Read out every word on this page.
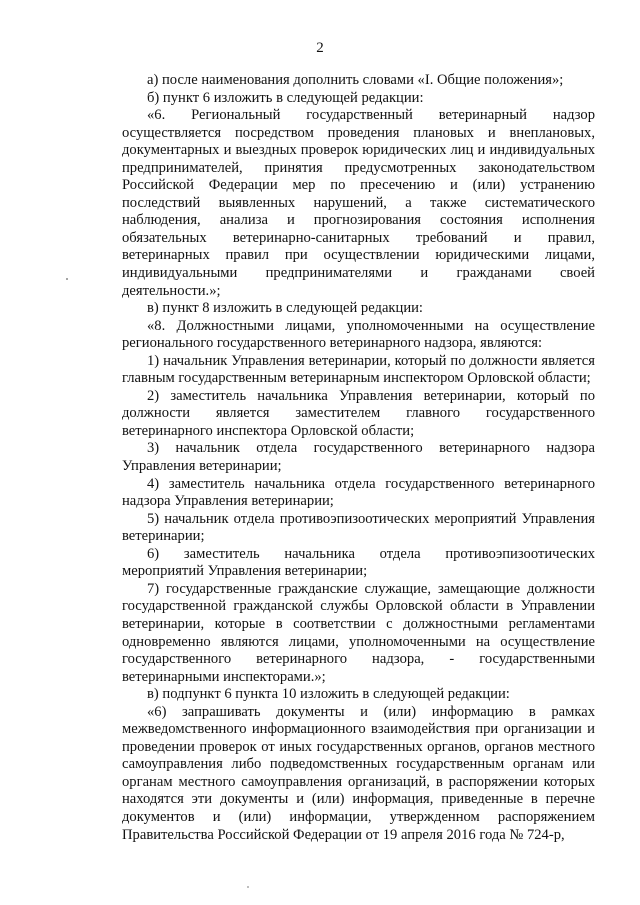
2

а) после наименования дополнить словами «I. Общие положения»;

б) пункт 6 изложить в следующей редакции:

«6. Региональный государственный ветеринарный надзор осуществляется посредством проведения плановых и внеплановых, документарных и выездных проверок юридических лиц и индивидуальных предпринимателей, принятия предусмотренных законодательством Российской Федерации мер по пресечению и (или) устранению последствий выявленных нарушений, а также систематического наблюдения, анализа и прогнозирования состояния исполнения обязательных ветеринарно-санитарных требований и правил, ветеринарных правил при осуществлении юридическими лицами, индивидуальными предпринимателями и гражданами своей деятельности.»;

в) пункт 8 изложить в следующей редакции:

«8. Должностными лицами, уполномоченными на осуществление регионального государственного ветеринарного надзора, являются:

1) начальник Управления ветеринарии, который по должности является главным государственным ветеринарным инспектором Орловской области;

2) заместитель начальника Управления ветеринарии, который по должности является заместителем главного государственного ветеринарного инспектора Орловской области;

3) начальник отдела государственного ветеринарного надзора Управления ветеринарии;

4) заместитель начальника отдела государственного ветеринарного надзора Управления ветеринарии;

5) начальник отдела противоэпизоотических мероприятий Управления ветеринарии;

6) заместитель начальника отдела противоэпизоотических мероприятий Управления ветеринарии;

7) государственные гражданские служащие, замещающие должности государственной гражданской службы Орловской области в Управлении ветеринарии, которые в соответствии с должностными регламентами одновременно являются лицами, уполномоченными на осуществление государственного ветеринарного надзора, - государственными ветеринарными инспекторами.»;

в) подпункт 6 пункта 10 изложить в следующей редакции:

«6) запрашивать документы и (или) информацию в рамках межведомственного информационного взаимодействия при организации и проведении проверок от иных государственных органов, органов местного самоуправления либо подведомственных государственным органам или органам местного самоуправления организаций, в распоряжении которых находятся эти документы и (или) информация, приведенные в перечне документов и (или) информации, утвержденном распоряжением Правительства Российской Федерации от 19 апреля 2016 года № 724-р,
